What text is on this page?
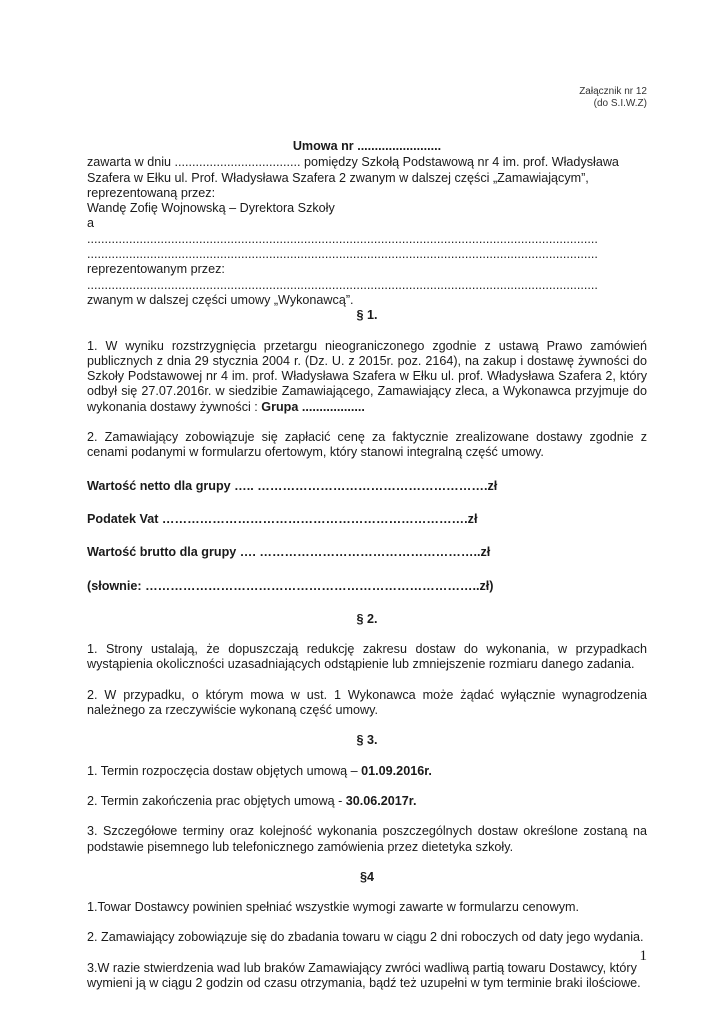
Załącznik nr 12
(do S.I.W.Z)
Umowa nr ........................
zawarta w dniu .................................... pomiędzy Szkołą Podstawową nr 4 im. prof. Władysława Szafera w Ełku ul. Prof. Władysława Szafera 2 zwanym w dalszej części „Zamawiającym”,
reprezentowaną przez:
Wandę Zofię Wojnowską – Dyrektora Szkoły
a
..................................................................................................................................................
..................................................................................................................................................
reprezentowanym przez:
..................................................................................................................................................
zwanym w dalszej części umowy „Wykonawcą”.
§ 1.
1. W wyniku rozstrzygnięcia przetargu nieograniczonego zgodnie z ustawą Prawo zamówień publicznych z dnia 29 stycznia 2004 r. (Dz. U. z 2015r. poz. 2164), na zakup i dostawę żywności do Szkoły Podstawowej nr 4 im. prof. Władysława Szafera w Ełku ul. prof. Władysława Szafera 2, który odbył się 27.07.2016r. w siedzibie Zamawiającego, Zamawiający zleca, a Wykonawca przyjmuje do wykonania dostawy żywności : Grupa ..................
2. Zamawiający zobowiązuje się zapłacić cenę za faktycznie zrealizowane dostawy zgodnie z cenami podanymi w formularzu ofertowym, który stanowi integralną część umowy.
Wartość netto dla grupy ….. ……………………………………………….zł
Podatek Vat ……………………………………………………………….zł
Wartość brutto dla grupy …. ……………………………………………..zł
(słownie: ……………………………………………………………………..zł)
§ 2.
1. Strony ustalają, że dopuszczają redukcję zakresu dostaw do wykonania, w przypadkach wystąpienia okoliczności uzasadniających odstąpienie lub zmniejszenie rozmiaru danego zadania.
2. W przypadku, o którym mowa w ust. 1 Wykonawca może żądać wyłącznie wynagrodzenia należnego za rzeczywiście wykonaną część umowy.
§ 3.
1. Termin rozpoczęcia dostaw objętych umową – 01.09.2016r.
2. Termin zakończenia prac objętych umową - 30.06.2017r.
3. Szczegółowe terminy oraz kolejność wykonania poszczególnych dostaw określone zostaną na podstawie pisemnego lub telefonicznego zamówienia przez dietetyka szkoły.
§4
1.Towar Dostawcy powinien spełniać wszystkie wymogi zawarte w formularzu cenowym.
2. Zamawiający zobowiązuje się do zbadania towaru w ciągu 2 dni roboczych od daty jego wydania.
3.W razie stwierdzenia wad lub braków Zamawiający zwróci wadliwą partią towaru Dostawcy, który wymieni ją w ciągu 2 godzin od czasu otrzymania, bądź też uzupełni w tym terminie braki ilościowe.
1
